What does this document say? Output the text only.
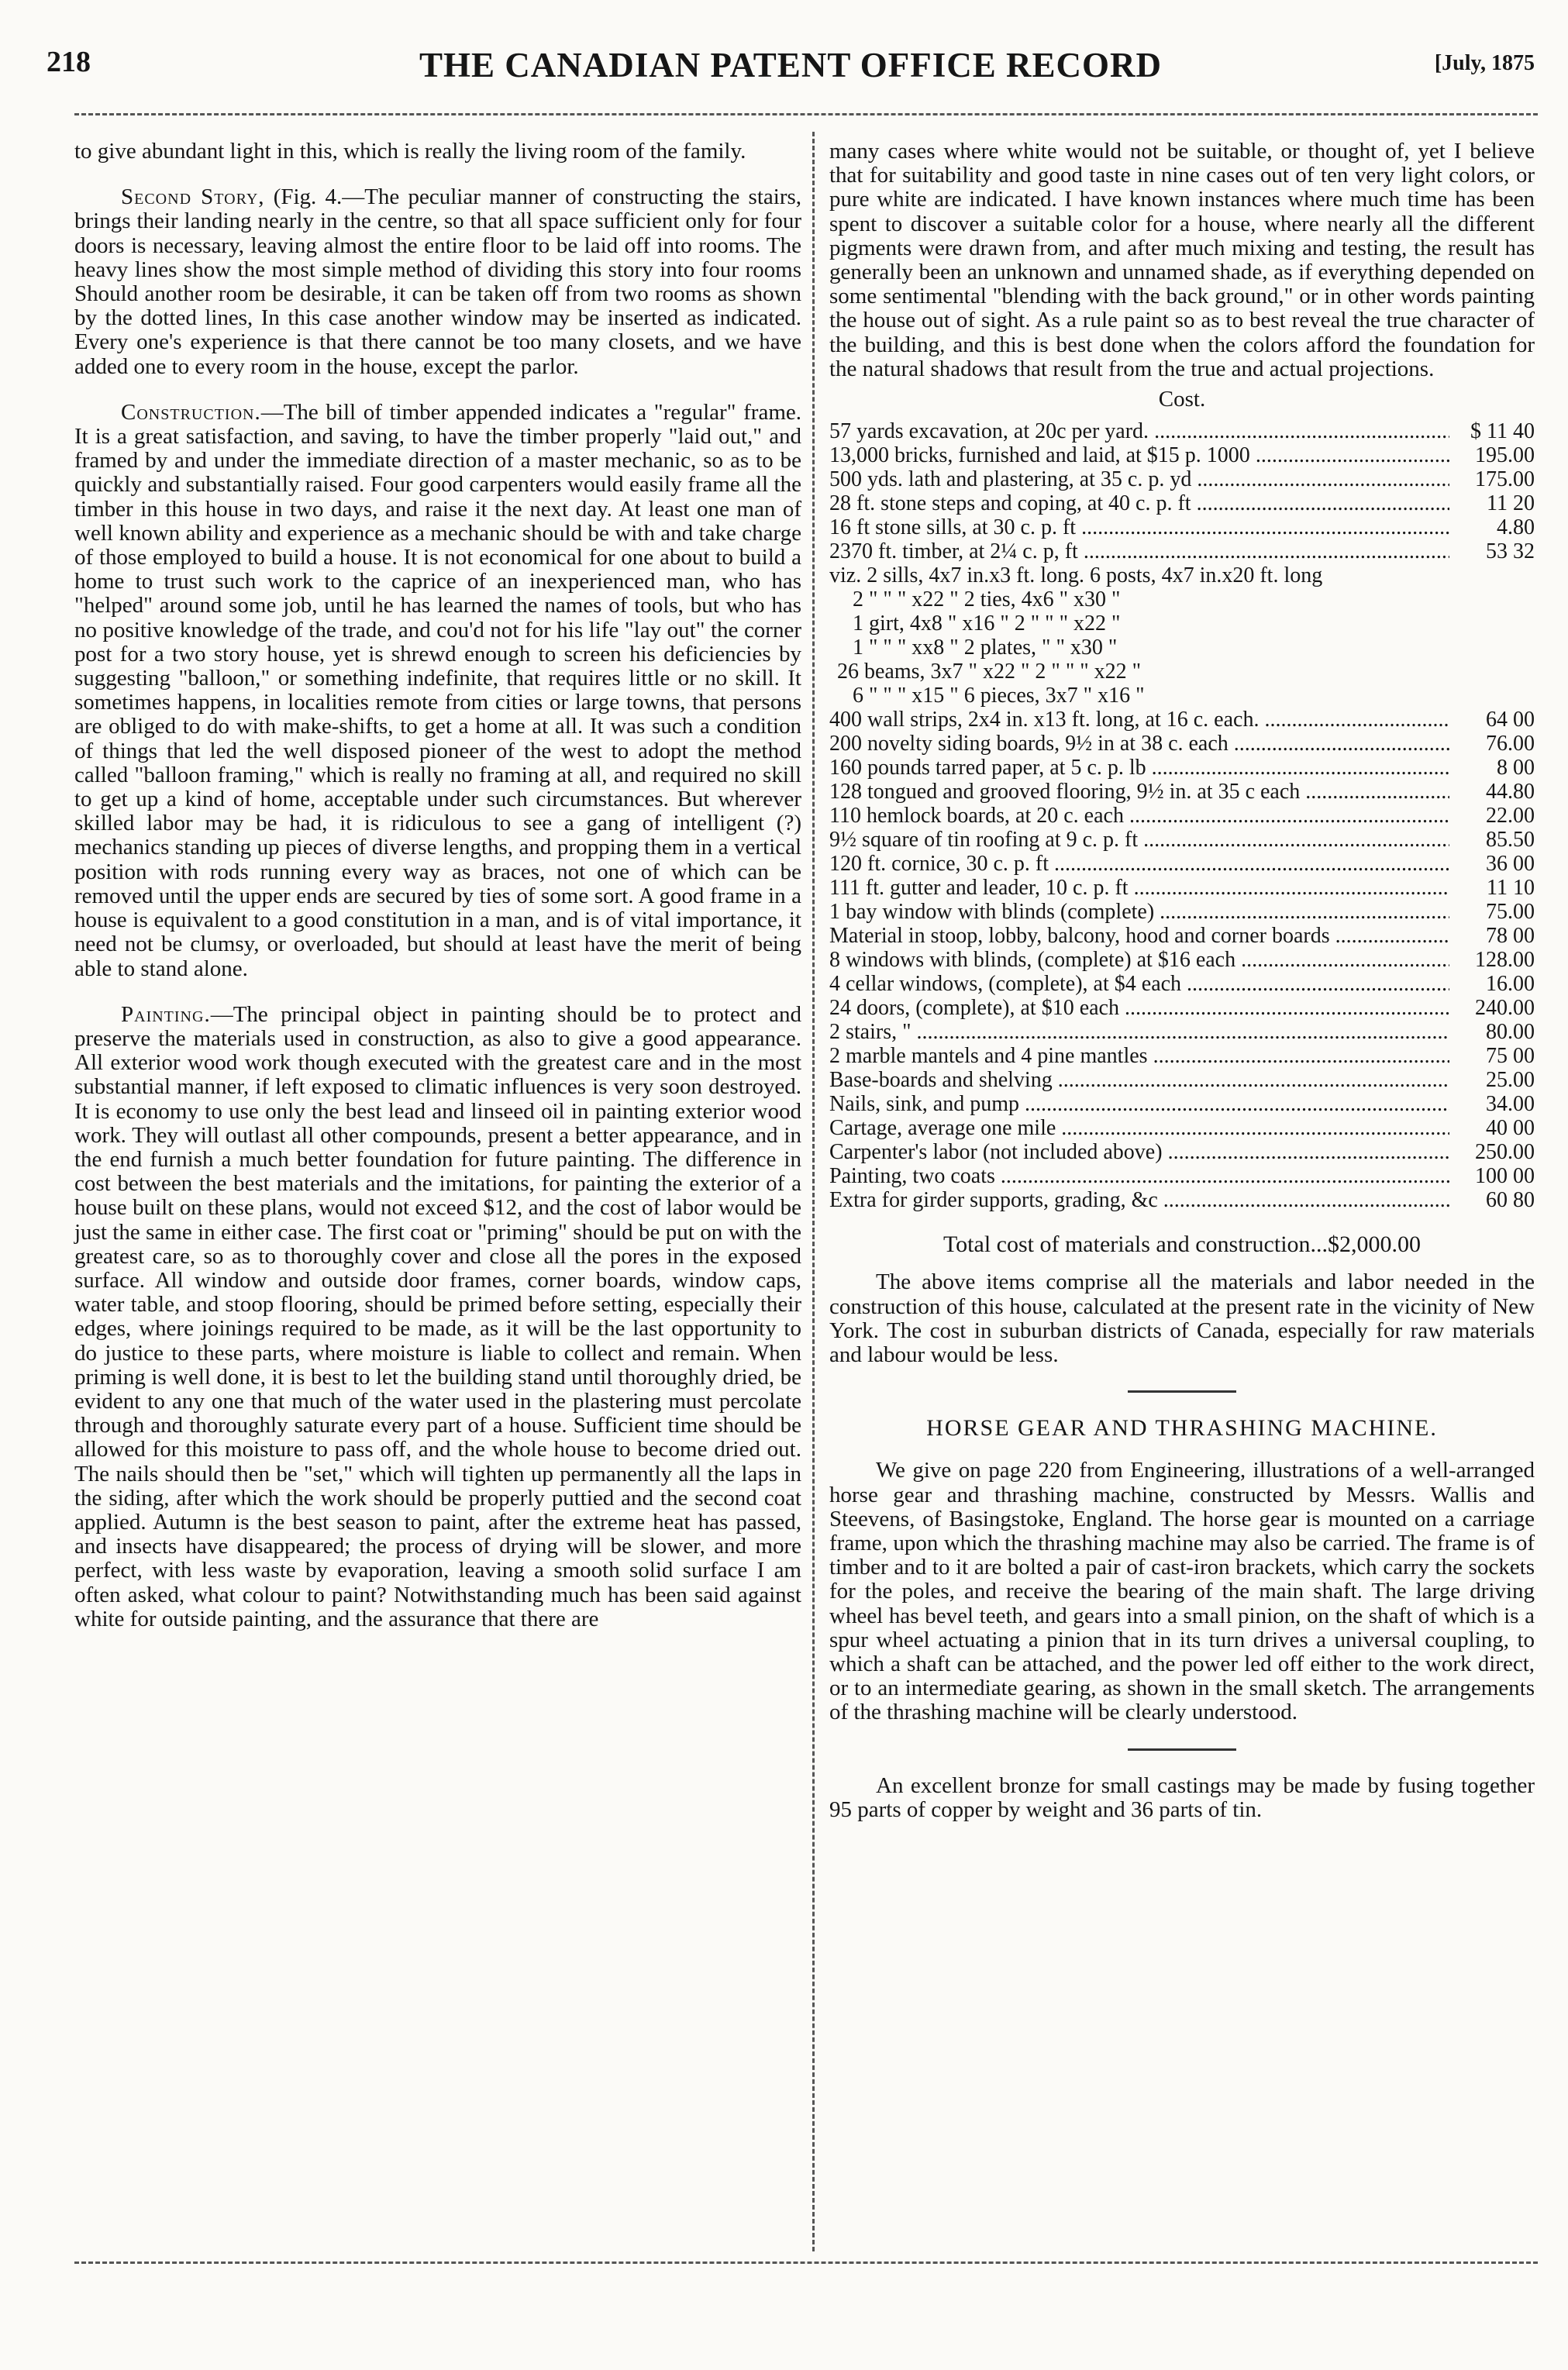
218	THE CANADIAN PATENT OFFICE RECORD	[July, 1875

to give abundant light in this, which is really the living room of the family.

Second Story, (Fig. 4.—The peculiar manner of constructing the stairs, brings their landing nearly in the centre, so that all space sufficient only for four doors is necessary, leaving almost the entire floor to be laid off into rooms. The heavy lines show the most simple method of dividing this story into four rooms Should another room be desirable, it can be taken off from two rooms as shown by the dotted lines, In this case another window may be inserted as indicated. Every one's experience is that there cannot be too many closets, and we have added one to every room in the house, except the parlor.

Construction.—The bill of timber appended indicates a "regular" frame. It is a great satisfaction, and saving, to have the timber properly "laid out," and framed by and under the immediate direction of a master mechanic, so as to be quickly and substantially raised. Four good carpenters would easily frame all the timber in this house in two days, and raise it the next day. At least one man of well known ability and experience as a mechanic should be with and take charge of those employed to build a house. It is not economical for one about to build a home to trust such work to the caprice of an inexperienced man, who has "helped" around some job, until he has learned the names of tools, but who has no positive knowledge of the trade, and cou'd not for his life "lay out" the corner post for a two story house, yet is shrewd enough to screen his deficiencies by suggesting "balloon," or something indefinite, that requires little or no skill. It sometimes happens, in localities remote from cities or large towns, that persons are obliged to do with make-shifts, to get a home at all. It was such a condition of things that led the well disposed pioneer of the west to adopt the method called "balloon framing," which is really no framing at all, and required no skill to get up a kind of home, acceptable under such circumstances. But wherever skilled labor may be had, it is ridiculous to see a gang of intelligent (?) mechanics standing up pieces of diverse lengths, and propping them in a vertical position with rods running every way as braces, not one of which can be removed until the upper ends are secured by ties of some sort. A good frame in a house is equivalent to a good constitution in a man, and is of vital importance, it need not be clumsy, or overloaded, but should at least have the merit of being able to stand alone.

Painting.—The principal object in painting should be to protect and preserve the materials used in construction, as also to give a good appearance. All exterior wood work though executed with the greatest care and in the most substantial manner, if left exposed to climatic influences is very soon destroyed. It is economy to use only the best lead and linseed oil in painting exterior wood work. They will outlast all other compounds, present a better appearance, and in the end furnish a much better foundation for future painting. The difference in cost between the best materials and the imitations, for painting the exterior of a house built on these plans, would not exceed $12, and the cost of labor would be just the same in either case. The first coat or "priming" should be put on with the greatest care, so as to thoroughly cover and close all the pores in the exposed surface. All window and outside door frames, corner boards, window caps, water table, and stoop flooring, should be primed before setting, especially their edges, where joinings required to be made, as it will be the last opportunity to do justice to these parts, where moisture is liable to collect and remain. When priming is well done, it is best to let the building stand until thoroughly dried, be evident to any one that much of the water used in the plastering must percolate through and thoroughly saturate every part of a house. Sufficient time should be allowed for this moisture to pass off, and the whole house to become dried out. The nails should then be "set," which will tighten up permanently all the laps in the siding, after which the work should be properly puttied and the second coat applied. Autumn is the best season to paint, after the extreme heat has passed, and insects have disappeared; the process of drying will be slower, and more perfect, with less waste by evaporation, leaving a smooth solid surface I am often asked, what colour to paint? Notwithstanding much has been said against white for outside painting, and the assurance that there are

many cases where white would not be suitable, or thought of, yet I believe that for suitability and good taste in nine cases out of ten very light colors, or pure white are indicated. I have known instances where much time has been spent to discover a suitable color for a house, where nearly all the different pigments were drawn from, and after much mixing and testing, the result has generally been an unknown and unnamed shade, as if everything depended on some sentimental "blending with the back ground," or in other words painting the house out of sight. As a rule paint so as to best reveal the true character of the building, and this is best done when the colors afford the foundation for the natural shadows that result from the true and actual projections.

Cost.
57 yards excavation, at 20c per yard. .....	$ 11 40
13,000 bricks, furnished and laid, at $15 p. 1000 .....	195.00
500 yds. lath and plastering, at 35 c. p. yd .....	175.00
28 ft. stone steps and coping, at 40 c. p. ft .....	11 20
16 ft stone sills, at 30 c. p. ft .....	4.80
2370 ft. timber, at 2¼ c. p, ft .....	53 32
viz. 2 sills, 4x7 in.x3 ft. long. 6 posts, 4x7 in.x20 ft. long
2 " " " x22 " 2 ties, 4x6 " x30 "
1 girt, 4x8 " x16 " 2 " " " x22 "
1 " " " xx8 " 2 plates, " " x30 "
26 beams, 3x7 " x22 " 2 " " " x22 "
6 " " " x15 " 6 pieces, 3x7 " x16 "
400 wall strips, 2x4 in. x13 ft. long, at 16 c. each. .....	64 00
200 novelty siding boards, 9½ in at 38 c. each .....	76.00
160 pounds tarred paper, at 5 c. p. lb .....	8 00
128 tongued and grooved flooring, 9½ in. at 35 c each .....	44.80
110 hemlock boards, at 20 c. each .....	22.00
9½ square of tin roofing at 9 c. p. ft .....	85.50
120 ft. cornice, 30 c. p. ft .....	36 00
111 ft. gutter and leader, 10 c. p. ft .....	11 10
1 bay window with blinds (complete) .....	75.00
Material in stoop, lobby, balcony, hood and corner boards .....	78 00
8 windows with blinds, (complete) at $16 each .....	128.00
4 cellar windows, (complete), at $4 each .....	16.00
24 doors, (complete), at $10 each .....	240.00
2 stairs, " .....	80.00
2 marble mantels and 4 pine mantles .....	75 00
Base-boards and shelving .....	25.00
Nails, sink, and pump .....	34.00
Cartage, average one mile .....	40 00
Carpenter's labor (not included above) .....	250.00
Painting, two coats .....	100 00
Extra for girder supports, grading, &c .....	60 80
Total cost of materials and construction...$2,000.00

The above items comprise all the materials and labor needed in the construction of this house, calculated at the present rate in the vicinity of New York. The cost in suburban districts of Canada, especially for raw materials and labour would be less.

HORSE GEAR AND THRASHING MACHINE.

We give on page 220 from Engineering, illustrations of a well-arranged horse gear and thrashing machine, constructed by Messrs. Wallis and Steevens, of Basingstoke, England. The horse gear is mounted on a carriage frame, upon which the thrashing machine may also be carried. The frame is of timber and to it are bolted a pair of cast-iron brackets, which carry the sockets for the poles, and receive the bearing of the main shaft. The large driving wheel has bevel teeth, and gears into a small pinion, on the shaft of which is a spur wheel actuating a pinion that in its turn drives a universal coupling, to which a shaft can be attached, and the power led off either to the work direct, or to an intermediate gearing, as shown in the small sketch. The arrangements of the thrashing machine will be clearly understood.

An excellent bronze for small castings may be made by fusing together 95 parts of copper by weight and 36 parts of tin.
